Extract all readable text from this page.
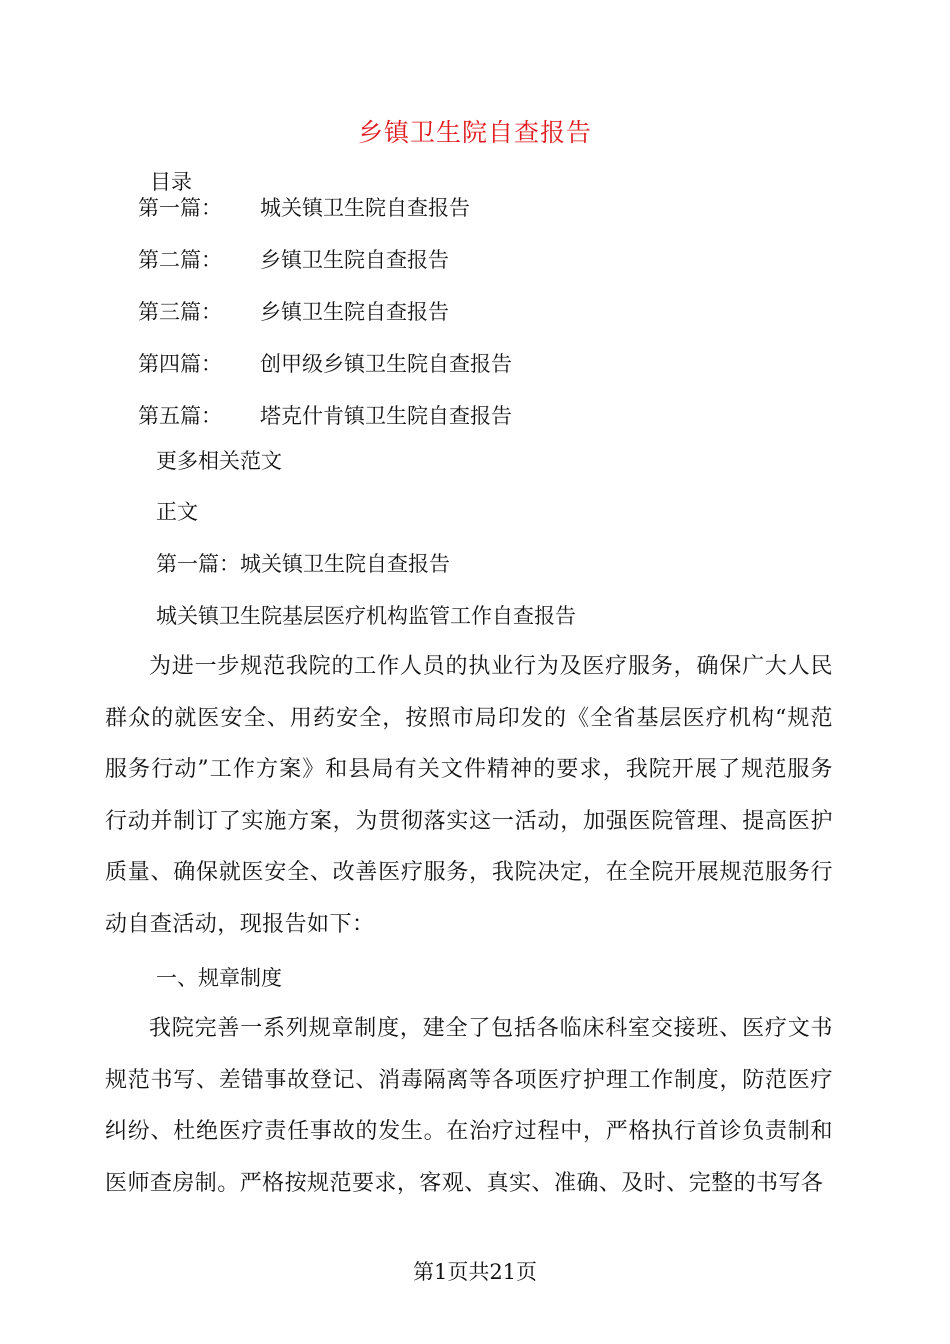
乡镇卫生院自查报告
目录
第一篇： 城关镇卫生院自查报告
第二篇： 乡镇卫生院自查报告
第三篇： 乡镇卫生院自查报告
第四篇： 创甲级乡镇卫生院自查报告
第五篇： 塔克什肯镇卫生院自查报告
更多相关范文
正文
第一篇：城关镇卫生院自查报告
城关镇卫生院基层医疗机构监管工作自查报告

为进一步规范我院的工作人员的执业行为及医疗服务，确保广大人民群众的就医安全、用药安全，按照市局印发的《全省基层医疗机构“规范服务行动”工作方案》和县局有关文件精神的要求，我院开展了规范服务行动并制订了实施方案，为贯彻落实这一活动，加强医院管理、提高医护质量、确保就医安全、改善医疗服务，我院决定，在全院开展规范服务行动自查活动，现报告如下：

一、规章制度

我院完善一系列规章制度，建全了包括各临床科室交接班、医疗文书规范书写、差错事故登记、消毒隔离等各项医疗护理工作制度，防范医疗纠纷、杜绝医疗责任事故的发生。在治疗过程中，严格执行首诊负责制和医师查房制。严格按规范要求，客观、真实、准确、及时、完整的书写各

第1页共21页
